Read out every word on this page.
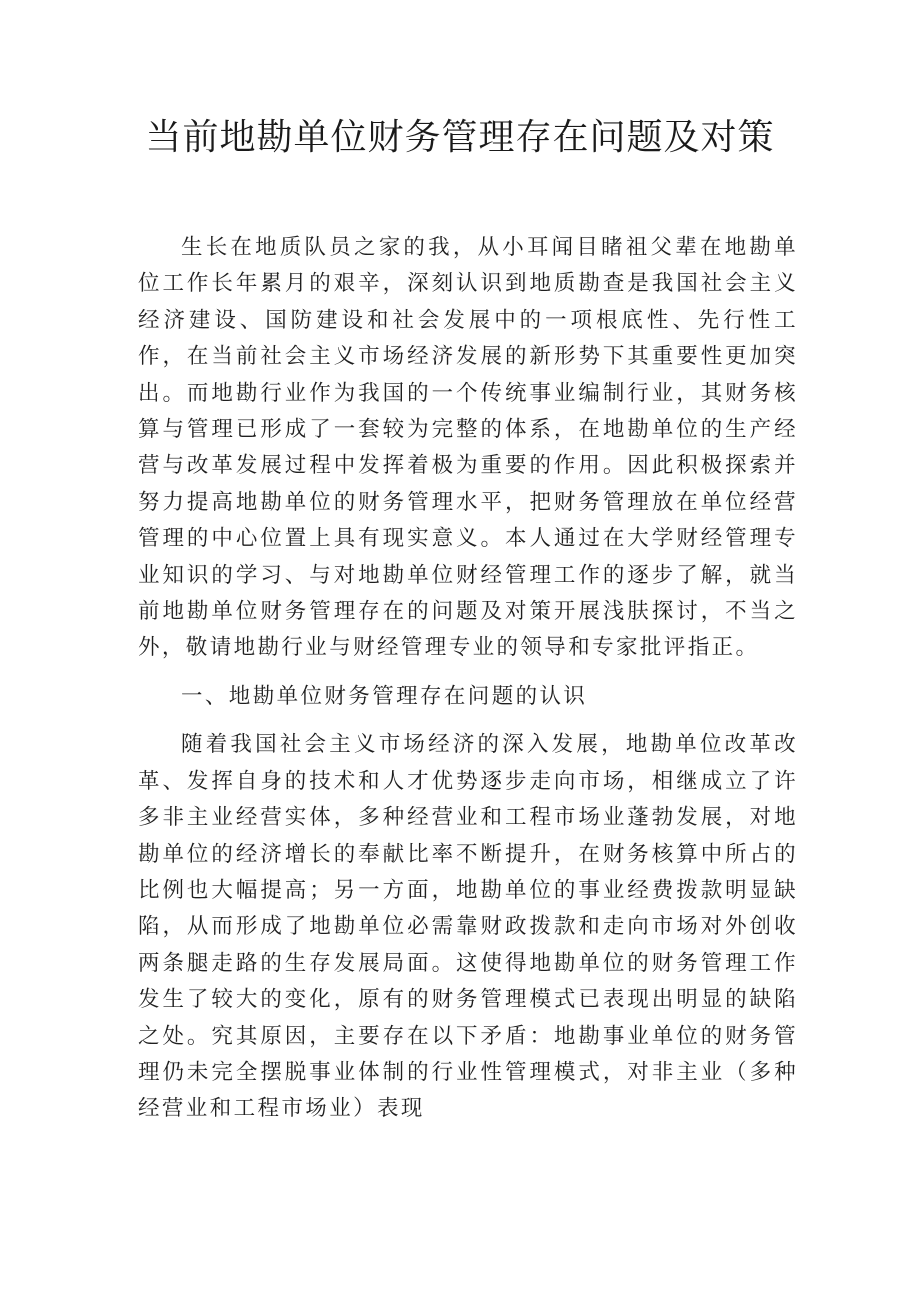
当前地勘单位财务管理存在问题及对策

生长在地质队员之家的我，从小耳闻目睹祖父辈在地勘单位工作长年累月的艰辛，深刻认识到地质勘查是我国社会主义经济建设、国防建设和社会发展中的一项根底性、先行性工作，在当前社会主义市场经济发展的新形势下其重要性更加突出。而地勘行业作为我国的一个传统事业编制行业，其财务核算与管理已形成了一套较为完整的体系，在地勘单位的生产经营与改革发展过程中发挥着极为重要的作用。因此积极探索并努力提高地勘单位的财务管理水平，把财务管理放在单位经营管理的中心位置上具有现实意义。本人通过在大学财经管理专业知识的学习、与对地勘单位财经管理工作的逐步了解，就当前地勘单位财务管理存在的问题及对策开展浅肤探讨，不当之外，敬请地勘行业与财经管理专业的领导和专家批评指正。

一、地勘单位财务管理存在问题的认识

随着我国社会主义市场经济的深入发展，地勘单位改革改革、发挥自身的技术和人才优势逐步走向市场，相继成立了许多非主业经营实体，多种经营业和工程市场业蓬勃发展，对地勘单位的经济增长的奉献比率不断提升，在财务核算中所占的比例也大幅提高；另一方面，地勘单位的事业经费拨款明显缺陷，从而形成了地勘单位必需靠财政拨款和走向市场对外创收两条腿走路的生存发展局面。这使得地勘单位的财务管理工作发生了较大的变化，原有的财务管理模式已表现出明显的缺陷之处。究其原因，主要存在以下矛盾：地勘事业单位的财务管理仍未完全摆脱事业体制的行业性管理模式，对非主业（多种经营业和工程市场业）表现
